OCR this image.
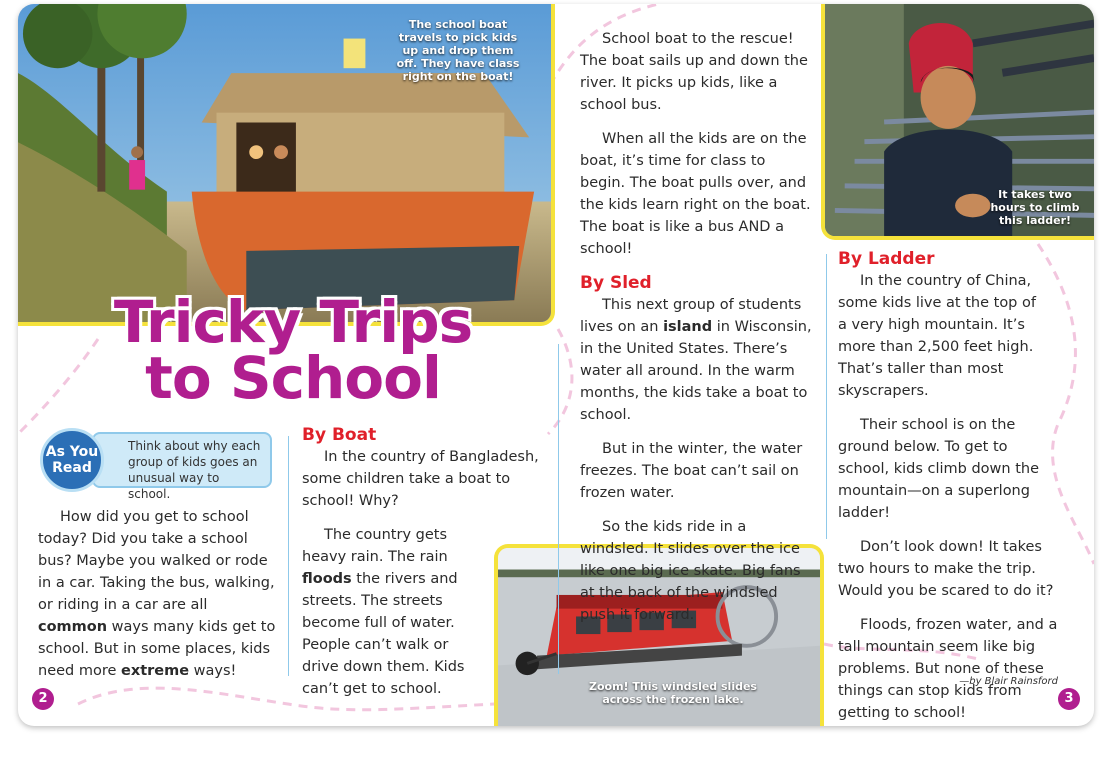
The school boat travels to pick kids up and drop them off. They have class right on the boat!
It takes two hours to climb this ladder!
Zoom! This windsled slides across the frozen lake.
Tricky Trips
to School
As You
Read
Think about why each group of kids goes an unusual way to school.

How did you get to school today? Did you take a school bus? Maybe you walked or rode in a car. Taking the bus, walking, or riding in a car are all common ways many kids get to school. But in some places, kids need more extreme ways!

By Boat

In the country of Bangladesh, some children take a boat to school! Why?

The country gets heavy rain. The rain floods the rivers and streets. The streets become full of water. People can’t walk or drive down them. Kids can’t get to school.

School boat to the rescue! The boat sails up and down the river. It picks up kids, like a school bus.

When all the kids are on the boat, it’s time for class to begin. The boat pulls over, and the kids learn right on the boat. The boat is like a bus AND a school!

By Sled

This next group of students lives on an island in Wisconsin, in the United States. There’s water all around. In the warm months, the kids take a boat to school.

But in the winter, the water freezes. The boat can’t sail on frozen water.

So the kids ride in a windsled. It slides over the ice like one big ice skate. Big fans at the back of the windsled push it forward.

By Ladder

In the country of China, some kids live at the top of a very high mountain. It’s more than 2,500 feet high. That’s taller than most skyscrapers.

Their school is on the ground below. To get to school, kids climb down the mountain—on a superlong ladder!

Don’t look down! It takes two hours to make the trip. Would you be scared to do it?

Floods, frozen water, and a tall mountain seem like big problems. But none of these things can stop kids from getting to school!

—by Blair Rainsford
2	3
